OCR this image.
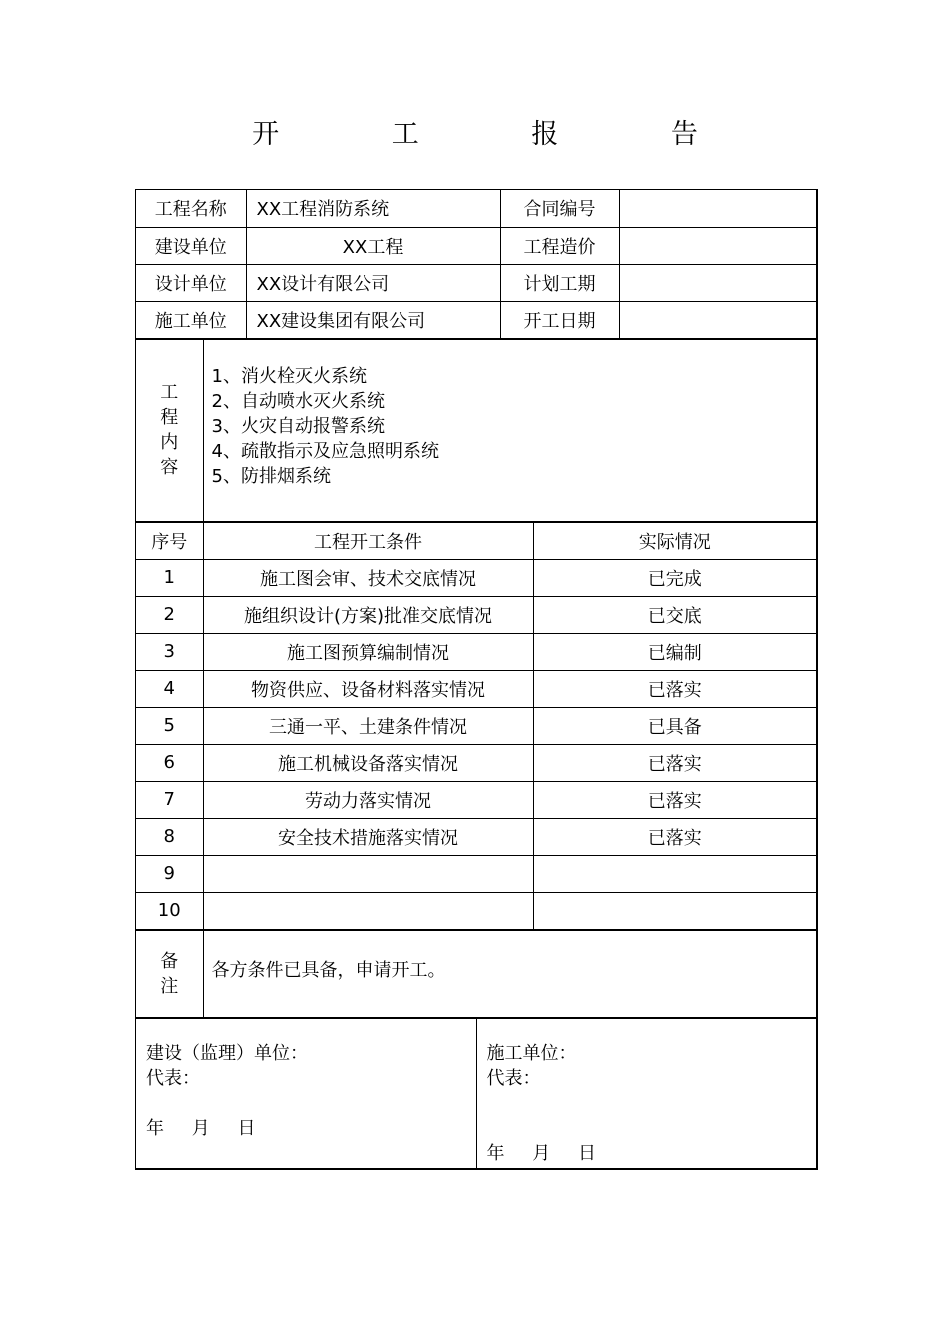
开 工 报 告
工程名称	XX工程消防系统	合同编号	
建设单位	XX工程	工程造价	
设计单位	XX设计有限公司	计划工期	
施工单位	XX建设集团有限公司	开工日期	
工程内容	
1、消火栓灭火系统
2、自动喷水灭火系统
3、火灾自动报警系统
4、疏散指示及应急照明系统
5、防排烟系统
序号	工程开工条件	实际情况
1	施工图会审、技术交底情况	已完成
2	施组织设计(方案)批准交底情况	已交底
3	施工图预算编制情况	已编制
4	物资供应、设备材料落实情况	已落实
5	三通一平、土建条件情况	已具备
6	施工机械设备落实情况	已落实
7	劳动力落实情况	已落实
8	安全技术措施落实情况	已落实
9		
10		
备注	各方条件已具备，申请开工。
建设（监理）单位：
代表：
年 月 日

施工单位：
代表：
年 月 日
